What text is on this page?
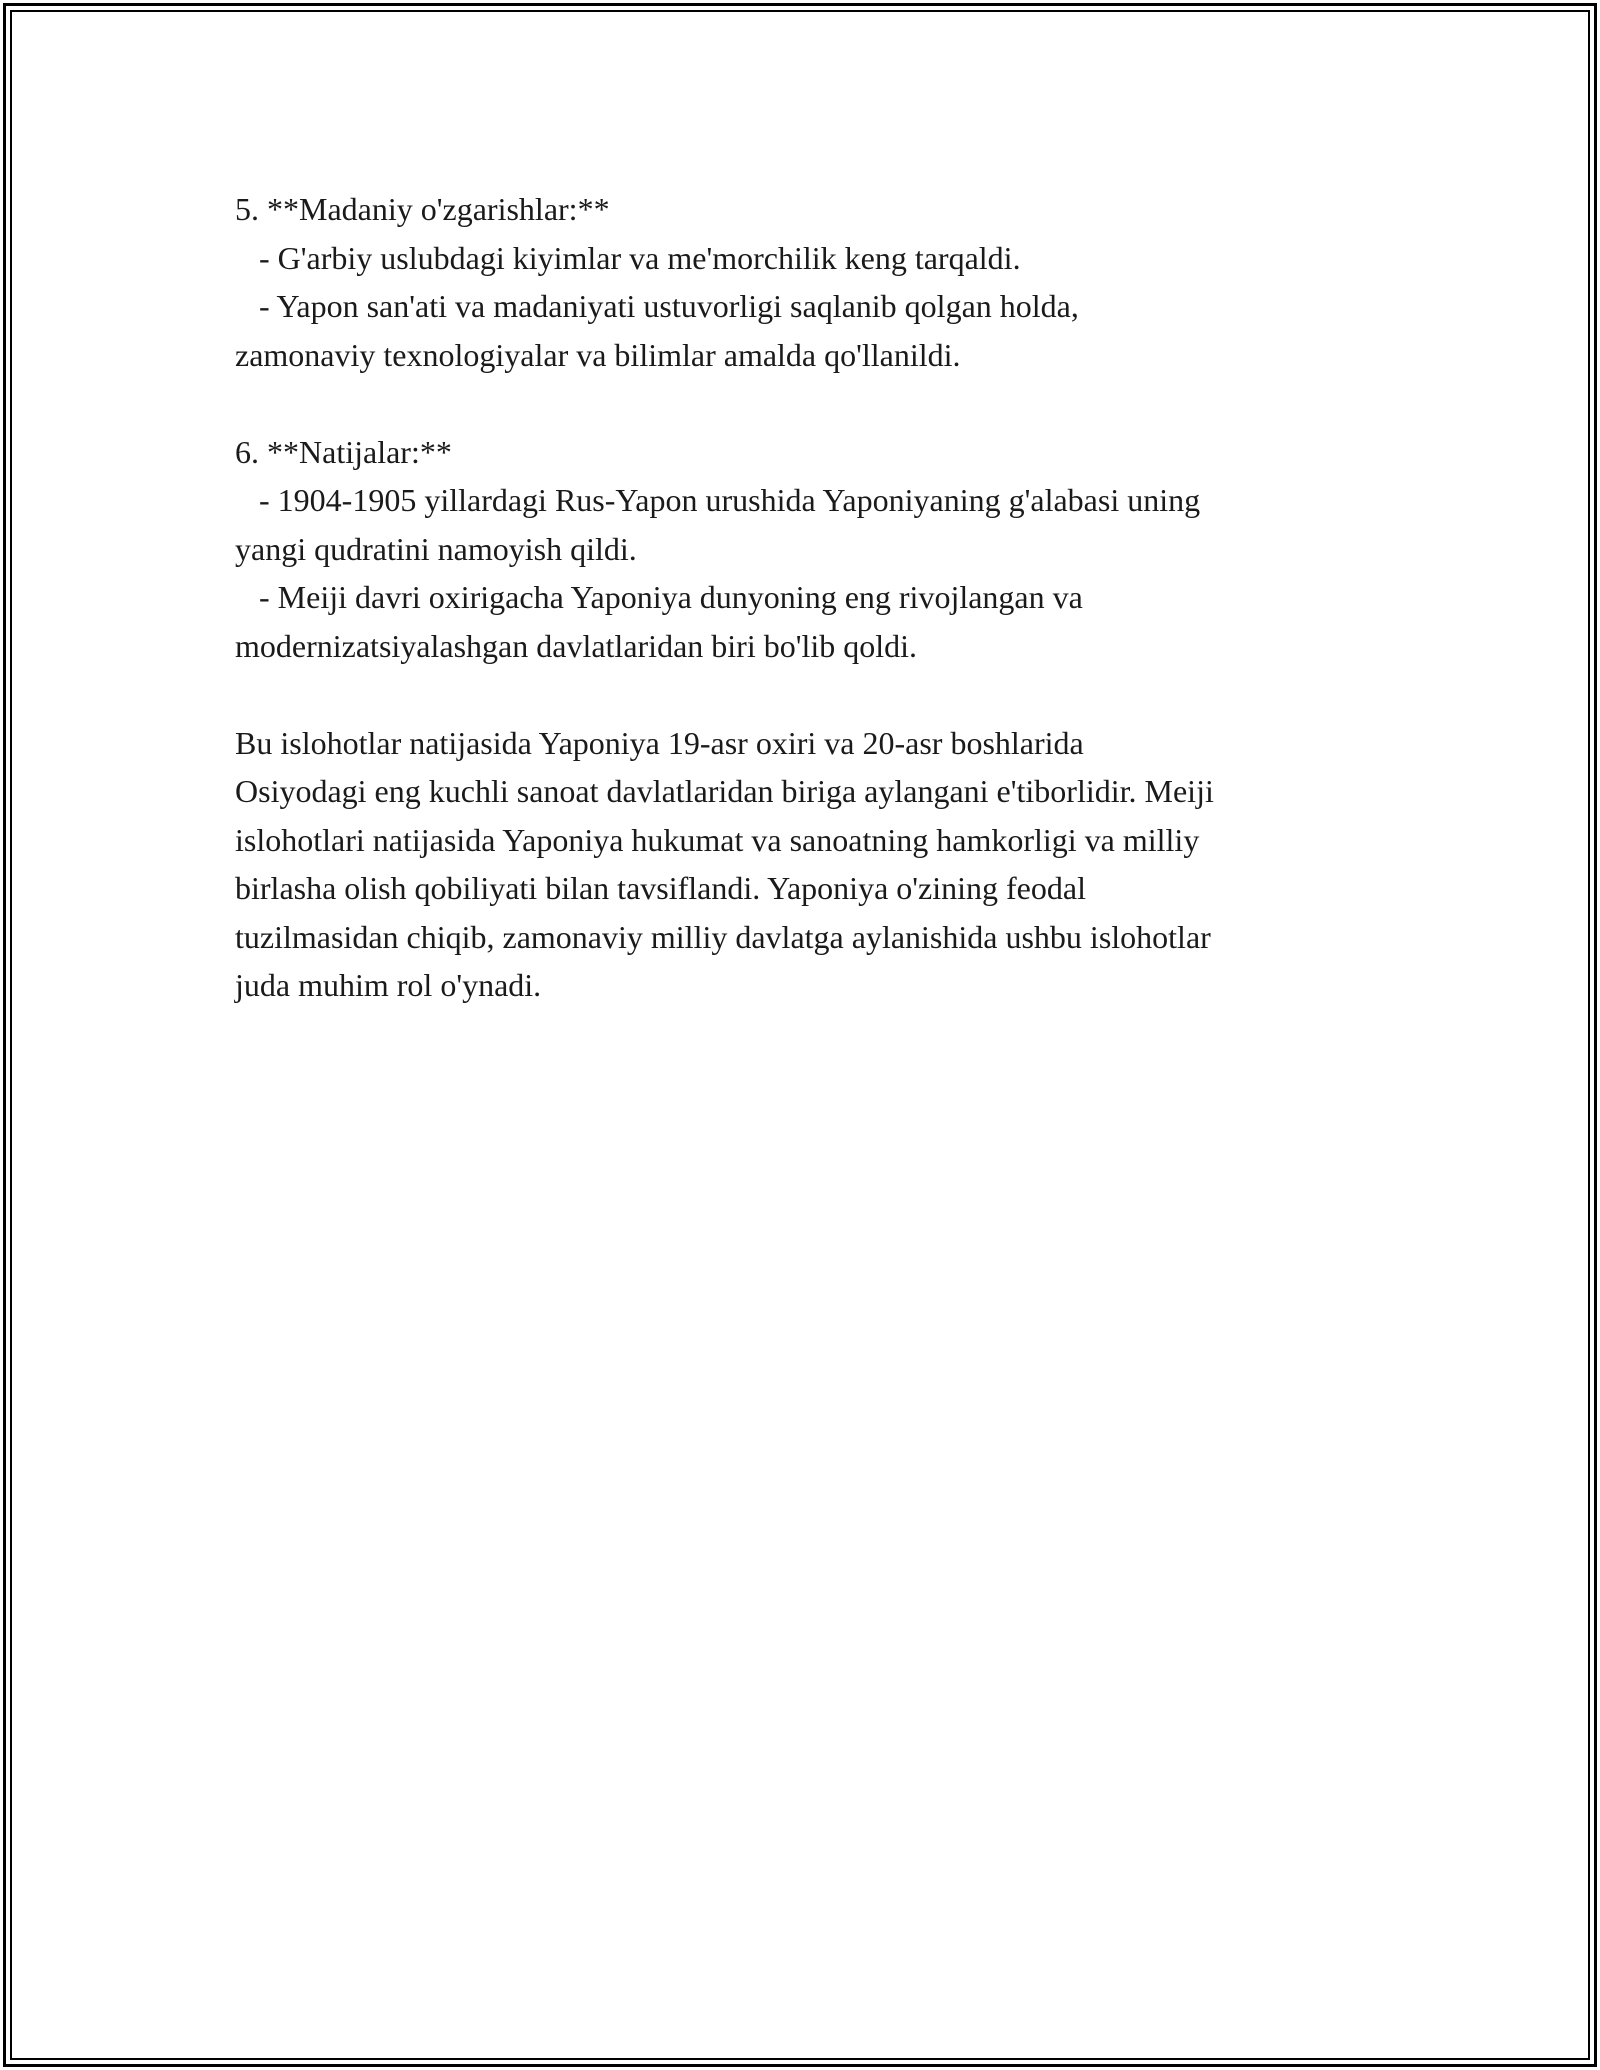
5. **Madaniy o'zgarishlar:**
- G'arbiy uslubdagi kiyimlar va me'morchilik keng tarqaldi.
- Yapon san'ati va madaniyati ustuvorligi saqlanib qolgan holda,
zamonaviy texnologiyalar va bilimlar amalda qo'llanildi.
6. **Natijalar:**
- 1904-1905 yillardagi Rus-Yapon urushida Yaponiyaning g'alabasi uning
yangi qudratini namoyish qildi.
- Meiji davri oxirigacha Yaponiya dunyoning eng rivojlangan va
modernizatsiyalashgan davlatlaridan biri bo'lib qoldi.
Bu islohotlar natijasida Yaponiya 19-asr oxiri va 20-asr boshlarida
Osiyodagi eng kuchli sanoat davlatlaridan biriga aylangani e'tiborlidir. Meiji
islohotlari natijasida Yaponiya hukumat va sanoatning hamkorligi va milliy
birlasha olish qobiliyati bilan tavsiflandi. Yaponiya o'zining feodal
tuzilmasidan chiqib, zamonaviy milliy davlatga aylanishida ushbu islohotlar
juda muhim rol o'ynadi.
